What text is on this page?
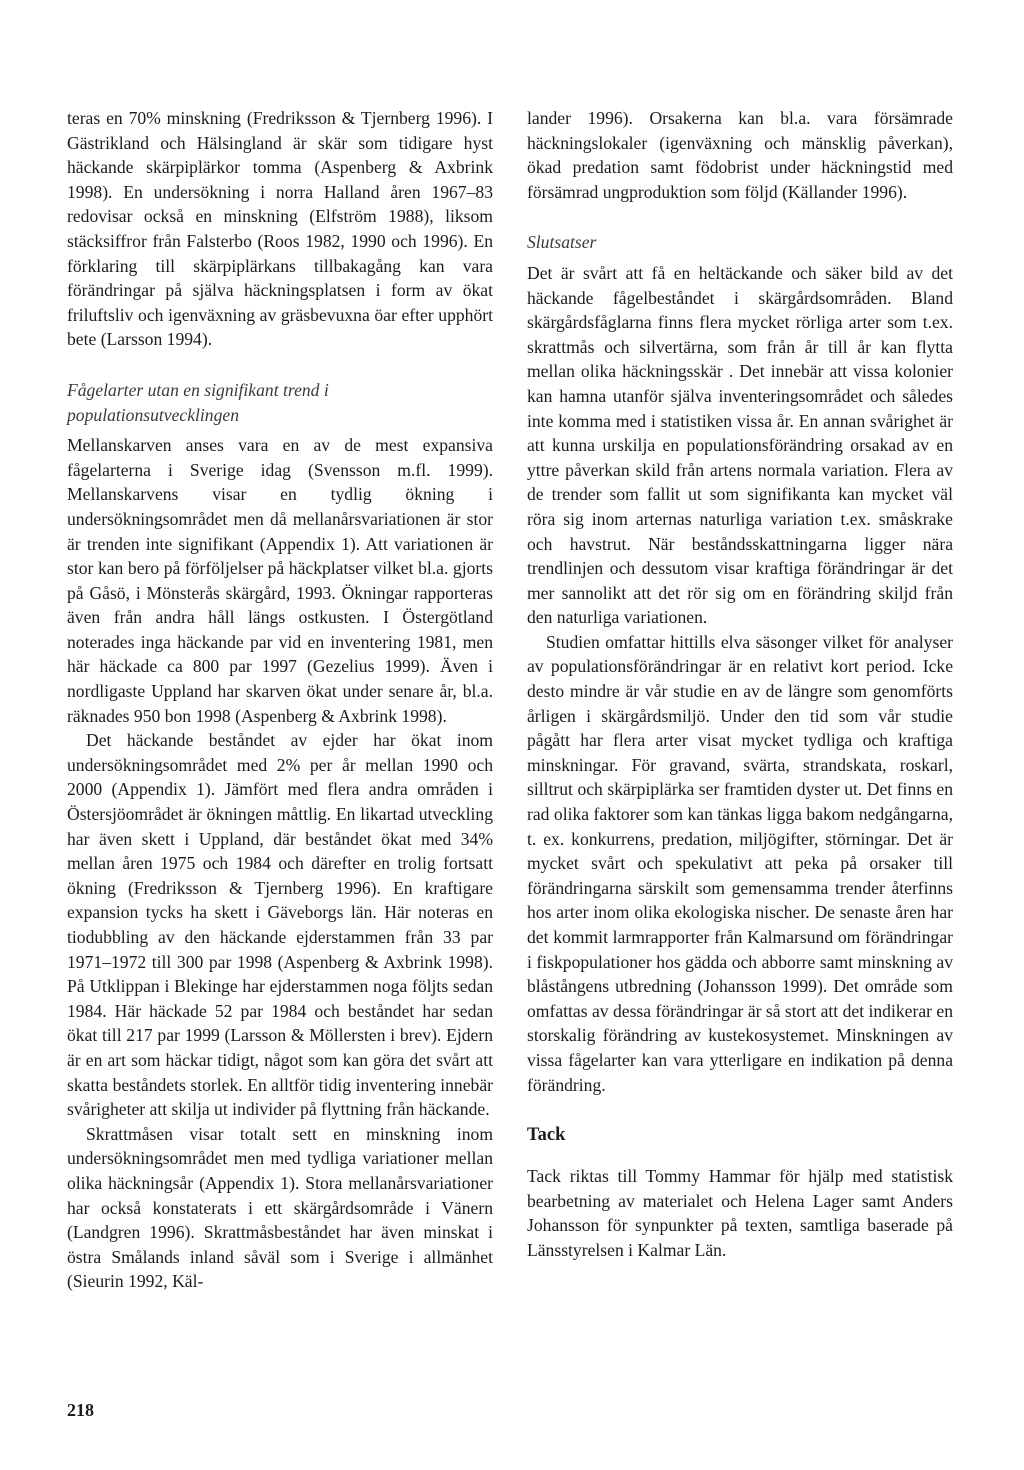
teras en 70% minskning (Fredriksson & Tjernberg 1996). I Gästrikland och Hälsingland är skär som tidigare hyst häckande skärpiplärkor tomma (Aspenberg & Axbrink 1998). En undersökning i norra Halland åren 1967–83 redovisar också en minskning (Elfström 1988), liksom stäcksiffror från Falsterbo (Roos 1982, 1990 och 1996). En förklaring till skärpiplärkans tillbakagång kan vara förändringar på själva häckningsplatsen i form av ökat friluftsliv och igenväxning av gräsbevuxna öar efter upphört bete (Larsson 1994).

Fågelarter utan en signifikant trend i populationsutvecklingen

Mellanskarven anses vara en av de mest expansiva fågelarterna i Sverige idag (Svensson m.fl. 1999). Mellanskarvens visar en tydlig ökning i undersökningsområdet men då mellanårsvariationen är stor är trenden inte signifikant (Appendix 1). Att variationen är stor kan bero på förföljelser på häckplatser vilket bl.a. gjorts på Gåsö, i Mönsterås skärgård, 1993. Ökningar rapporteras även från andra håll längs ostkusten. I Östergötland noterades inga häckande par vid en inventering 1981, men här häckade ca 800 par 1997 (Gezelius 1999). Även i nordligaste Uppland har skarven ökat under senare år, bl.a. räknades 950 bon 1998 (Aspenberg & Axbrink 1998).

Det häckande beståndet av ejder har ökat inom undersökningsområdet med 2% per år mellan 1990 och 2000 (Appendix 1). Jämfört med flera andra områden i Östersjöområdet är ökningen måttlig. En likartad utveckling har även skett i Uppland, där beståndet ökat med 34% mellan åren 1975 och 1984 och därefter en trolig fortsatt ökning (Fredriksson & Tjernberg 1996). En kraftigare expansion tycks ha skett i Gäveborgs län. Här noteras en tiodubbling av den häckande ejderstammen från 33 par 1971–1972 till 300 par 1998 (Aspenberg & Axbrink 1998). På Utklippan i Blekinge har ejderstammen noga följts sedan 1984. Här häckade 52 par 1984 och beståndet har sedan ökat till 217 par 1999 (Larsson & Möllersten i brev). Ejdern är en art som häckar tidigt, något som kan göra det svårt att skatta beståndets storlek. En alltför tidig inventering innebär svårigheter att skilja ut individer på flyttning från häckande.

Skrattmåsen visar totalt sett en minskning inom undersökningsområdet men med tydliga variationer mellan olika häckningsår (Appendix 1). Stora mellanårsvariationer har också konstaterats i ett skärgårdsområde i Vänern (Landgren 1996). Skrattmåsbeståndet har även minskat i östra Smålands inland såväl som i Sverige i allmänhet (Sieurin 1992, Käl-

lander 1996). Orsakerna kan bl.a. vara försämrade häckningslokaler (igenväxning och mänsklig påverkan), ökad predation samt födobrist under häckningstid med försämrad ungproduktion som följd (Källander 1996).

Slutsatser

Det är svårt att få en heltäckande och säker bild av det häckande fågelbeståndet i skärgårdsområden. Bland skärgårdsfåglarna finns flera mycket rörliga arter som t.ex. skrattmås och silvertärna, som från år till år kan flytta mellan olika häckningsskär . Det innebär att vissa kolonier kan hamna utanför själva inventeringsområdet och således inte komma med i statistiken vissa år. En annan svårighet är att kunna urskilja en populationsförändring orsakad av en yttre påverkan skild från artens normala variation. Flera av de trender som fallit ut som signifikanta kan mycket väl röra sig inom arternas naturliga variation t.ex. småskrake och havstrut. När beståndsskattningarna ligger nära trendlinjen och dessutom visar kraftiga förändringar är det mer sannolikt att det rör sig om en förändring skiljd från den naturliga variationen.

Studien omfattar hittills elva säsonger vilket för analyser av populationsförändringar är en relativt kort period. Icke desto mindre är vår studie en av de längre som genomförts årligen i skärgårdsmiljö. Under den tid som vår studie pågått har flera arter visat mycket tydliga och kraftiga minskningar. För gravand, svärta, strandskata, roskarl, silltrut och skärpiplärka ser framtiden dyster ut. Det finns en rad olika faktorer som kan tänkas ligga bakom nedgångarna, t. ex. konkurrens, predation, miljögifter, störningar. Det är mycket svårt och spekulativt att peka på orsaker till förändringarna särskilt som gemensamma trender återfinns hos arter inom olika ekologiska nischer. De senaste åren har det kommit larmrapporter från Kalmarsund om förändringar i fiskpopulationer hos gädda och abborre samt minskning av blåstångens utbredning (Johansson 1999). Det område som omfattas av dessa förändringar är så stort att det indikerar en storskalig förändring av kustekosystemet. Minskningen av vissa fågelarter kan vara ytterligare en indikation på denna förändring.

Tack

Tack riktas till Tommy Hammar för hjälp med statistisk bearbetning av materialet och Helena Lager samt Anders Johansson för synpunkter på texten, samtliga baserade på Länsstyrelsen i Kalmar Län.

218
